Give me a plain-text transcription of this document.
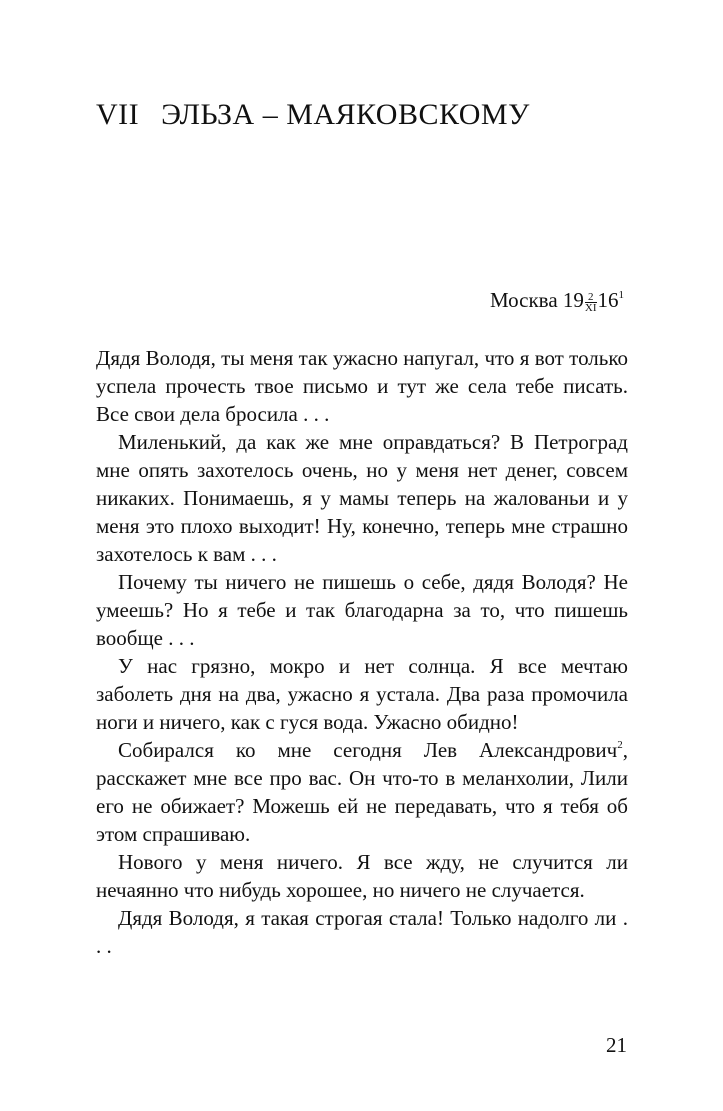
VII ЭЛЬЗА – МАЯКОВСКОМУ
Москва $19 \frac{2}{XI} 16^1$

Дядя Володя, ты меня так ужасно напугал, что я вот только успела прочесть твое письмо и тут же села тебе писать. Все свои дела бросила . . .

Миленький, да как же мне оправдаться? В Петроград мне опять захотелось очень, но у меня нет денег, совсем никаких. Понимаешь, я у мамы теперь на жалованьи и у меня это плохо выходит! Ну, конечно, теперь мне страшно захотелось к вам . . .

Почему ты ничего не пишешь о себе, дядя Володя? Не умеешь? Но я тебе и так благодарна за то, что пишешь вообще . . .

У нас грязно, мокро и нет солнца. Я все мечтаю заболеть дня на два, ужасно я устала. Два раза промочила ноги и ничего, как с гуся вода. Ужасно обидно!

Собирался ко мне сегодня Лев Александрович$^2$, расскажет мне все про вас. Он что-то в меланхолии, Лили его не обижает? Можешь ей не передавать, что я тебя об этом спрашиваю.

Нового у меня ничего. Я все жду, не случится ли нечаянно что нибудь хорошее, но ничего не случается.

Дядя Володя, я такая строгая стала! Только надолго ли . . .

21
